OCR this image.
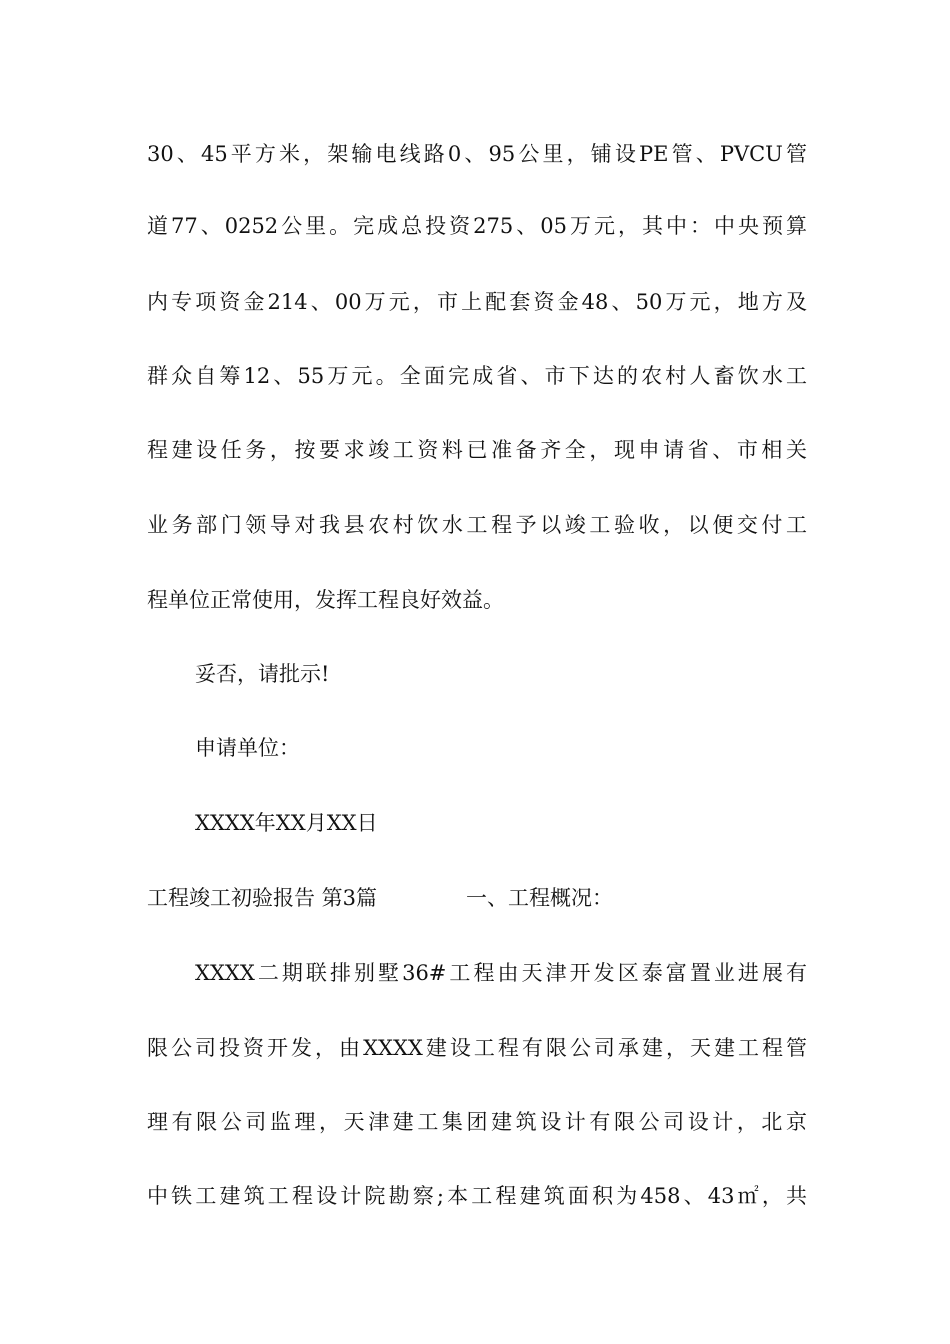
30、45平方米，架输电线路0、95公里，铺设PE管、PVCU管
道77、0252公里。完成总投资275、05万元，其中：中央预算
内专项资金214、00万元，市上配套资金48、50万元，地方及
群众自筹12、55万元。全面完成省、市下达的农村人畜饮水工
程建设任务，按要求竣工资料已准备齐全，现申请省、市相关
业务部门领导对我县农村饮水工程予以竣工验收，以便交付工
程单位正常使用，发挥工程良好效益。
妥否，请批示!
申请单位：
XXXX年XX月XX日
工程竣工初验报告 第3篇	一、工程概况：
XXXX二期联排别墅36#工程由天津开发区泰富置业进展有
限公司投资开发，由XXXX建设工程有限公司承建，天建工程管
理有限公司监理，天津建工集团建筑设计有限公司设计，北京
中铁工建筑工程设计院勘察;本工程建筑面积为458、43㎡，共
